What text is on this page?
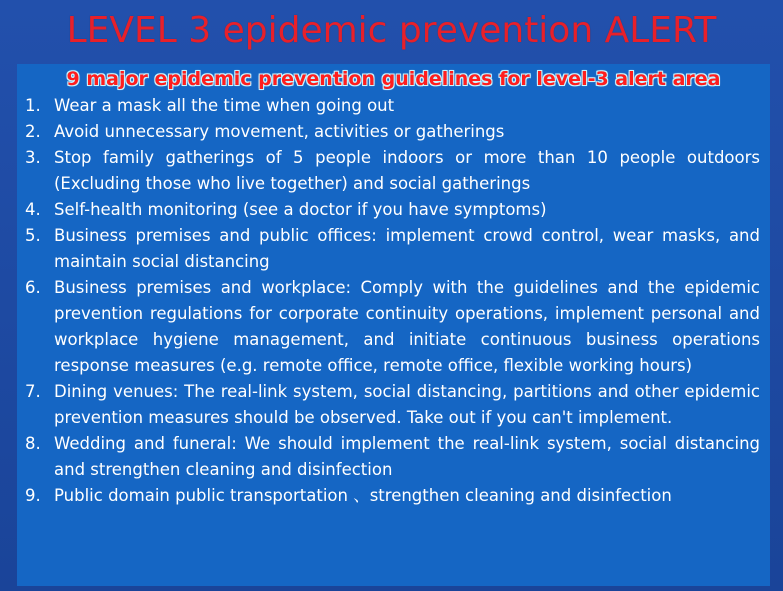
LEVEL 3 epidemic prevention ALERT
9 major epidemic prevention guidelines for level-3 alert area
1. Wear a mask all the time when going out
2. Avoid unnecessary movement, activities or gatherings
3. Stop family gatherings of 5 people indoors or more than 10 people outdoors (Excluding those who live together) and social gatherings
4. Self-health monitoring (see a doctor if you have symptoms)
5. Business premises and public offices: implement crowd control, wear masks, and maintain social distancing
6. Business premises and workplace: Comply with the guidelines and the epidemic prevention regulations for corporate continuity operations, implement personal and workplace hygiene management, and initiate continuous business operations response measures (e.g. remote office, remote office, flexible working hours)
7. Dining venues: The real-link system, social distancing, partitions and other epidemic prevention measures should be observed. Take out if you can't implement.
8. Wedding and funeral: We should implement the real-link system, social distancing and strengthen cleaning and disinfection
9. Public domain public transportation 、strengthen cleaning and disinfection
